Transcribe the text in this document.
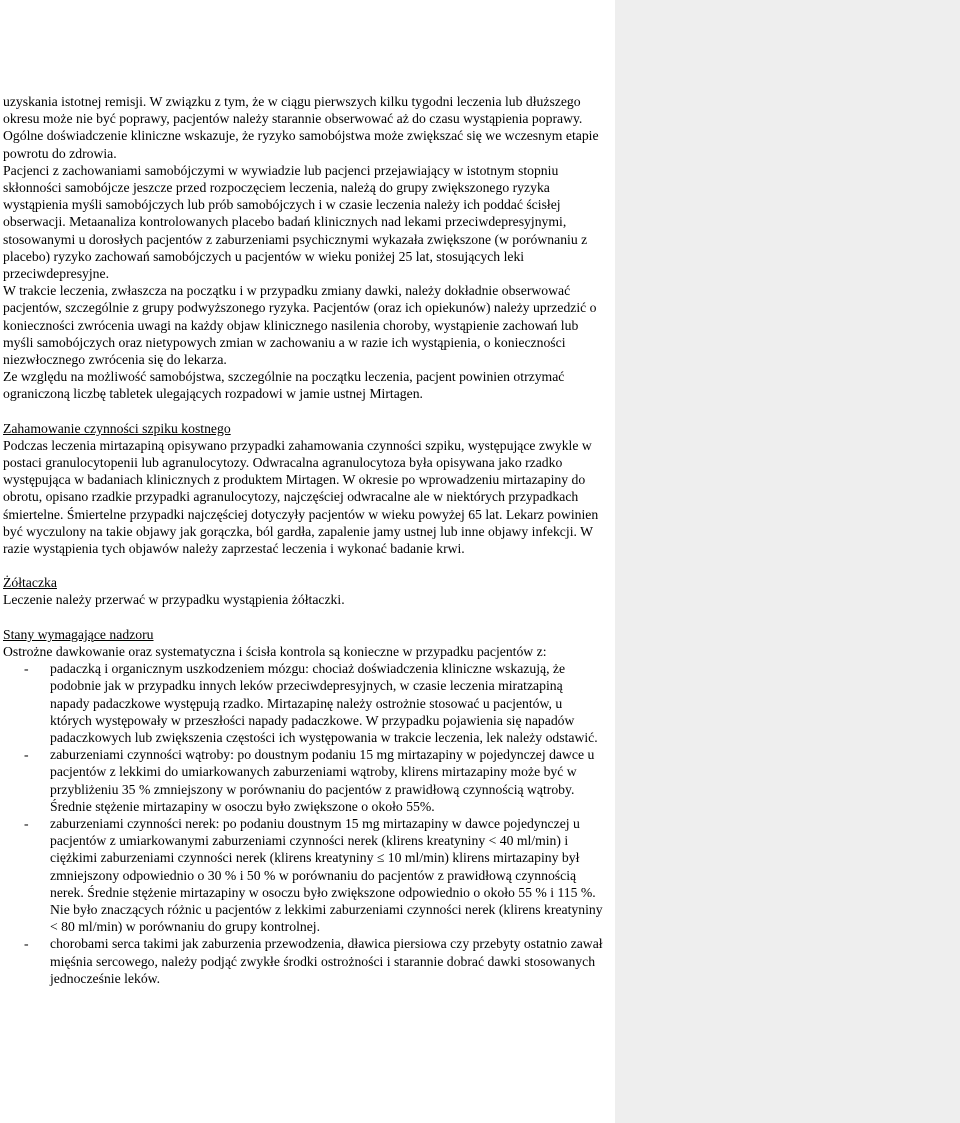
uzyskania istotnej remisji. W związku z tym, że w ciągu pierwszych kilku tygodni leczenia lub dłuższego okresu może nie być poprawy, pacjentów należy starannie obserwować aż do czasu wystąpienia poprawy. Ogólne doświadczenie kliniczne wskazuje, że ryzyko samobójstwa może zwiększać się we wczesnym etapie powrotu do zdrowia.

Pacjenci z zachowaniami samobójczymi w wywiadzie lub pacjenci przejawiający w istotnym stopniu skłonności samobójcze jeszcze przed rozpoczęciem leczenia, należą do grupy zwiększonego ryzyka wystąpienia myśli samobójczych lub prób samobójczych i w czasie leczenia należy ich poddać ścisłej obserwacji. Metaanaliza kontrolowanych placebo badań klinicznych nad lekami przeciwdepresyjnymi, stosowanymi u dorosłych pacjentów z zaburzeniami psychicznymi wykazała zwiększone (w porównaniu z placebo) ryzyko zachowań samobójczych u pacjentów w wieku poniżej 25 lat, stosujących leki przeciwdepresyjne.

W trakcie leczenia, zwłaszcza na początku i w przypadku zmiany dawki, należy dokładnie obserwować pacjentów, szczególnie z grupy podwyższonego ryzyka. Pacjentów (oraz ich opiekunów) należy uprzedzić o konieczności zwrócenia uwagi na każdy objaw klinicznego nasilenia choroby, wystąpienie zachowań lub myśli samobójczych oraz nietypowych zmian w zachowaniu a w razie ich wystąpienia, o konieczności niezwłocznego zwrócenia się do lekarza.

Ze względu na możliwość samobójstwa, szczególnie na początku leczenia, pacjent powinien otrzymać ograniczoną liczbę tabletek ulegających rozpadowi w jamie ustnej Mirtagen.

Zahamowanie czynności szpiku kostnego

Podczas leczenia mirtazapiną opisywano przypadki zahamowania czynności szpiku, występujące zwykle w postaci granulocytopenii lub agranulocytozy. Odwracalna agranulocytoza była opisywana jako rzadko występująca w badaniach klinicznych z produktem Mirtagen. W okresie po wprowadzeniu mirtazapiny do obrotu, opisano rzadkie przypadki agranulocytozy, najczęściej odwracalne ale w niektórych przypadkach śmiertelne. Śmiertelne przypadki najczęściej dotyczyły pacjentów w wieku powyżej 65 lat. Lekarz powinien być wyczulony na takie objawy jak gorączka, ból gardła, zapalenie jamy ustnej lub inne objawy infekcji. W razie wystąpienia tych objawów należy zaprzestać leczenia i wykonać badanie krwi.

Żółtaczka

Leczenie należy przerwać w przypadku wystąpienia żółtaczki.

Stany wymagające nadzoru

Ostrożne dawkowanie oraz systematyczna i ścisła kontrola są konieczne w przypadku pacjentów z:

- padaczką i organicznym uszkodzeniem mózgu: chociaż doświadczenia kliniczne wskazują, że podobnie jak w przypadku innych leków przeciwdepresyjnych, w czasie leczenia miratzapiną napady padaczkowe występują rzadko. Mirtazapinę należy ostrożnie stosować u pacjentów, u których występowały w przeszłości napady padaczkowe. W przypadku pojawienia się napadów padaczkowych lub zwiększenia częstości ich występowania w trakcie leczenia, lek należy odstawić.
- zaburzeniami czynności wątroby: po doustnym podaniu 15 mg mirtazapiny w pojedynczej dawce u pacjentów z lekkimi do umiarkowanych zaburzeniami wątroby, klirens mirtazapiny może być w przybliżeniu 35 % zmniejszony w porównaniu do pacjentów z prawidłową czynnością wątroby. Średnie stężenie mirtazapiny w osoczu było zwiększone o około 55%.
- zaburzeniami czynności nerek: po podaniu doustnym 15 mg mirtazapiny w dawce pojedynczej u pacjentów z umiarkowanymi zaburzeniami czynności nerek (klirens kreatyniny < 40 ml/min) i ciężkimi zaburzeniami czynności nerek (klirens kreatyniny ≤ 10 ml/min) klirens mirtazapiny był zmniejszony odpowiednio o 30 % i 50 % w porównaniu do pacjentów z prawidłową czynnością nerek. Średnie stężenie mirtazapiny w osoczu było zwiększone odpowiednio o około 55 % i 115 %. Nie było znaczących różnic u pacjentów z lekkimi zaburzeniami czynności nerek (klirens kreatyniny < 80 ml/min) w porównaniu do grupy kontrolnej.
- chorobami serca takimi jak zaburzenia przewodzenia, dławica piersiowa czy przebyty ostatnio zawał mięśnia sercowego, należy podjąć zwykłe środki ostrożności i starannie dobrać dawki stosowanych jednocześnie leków.
